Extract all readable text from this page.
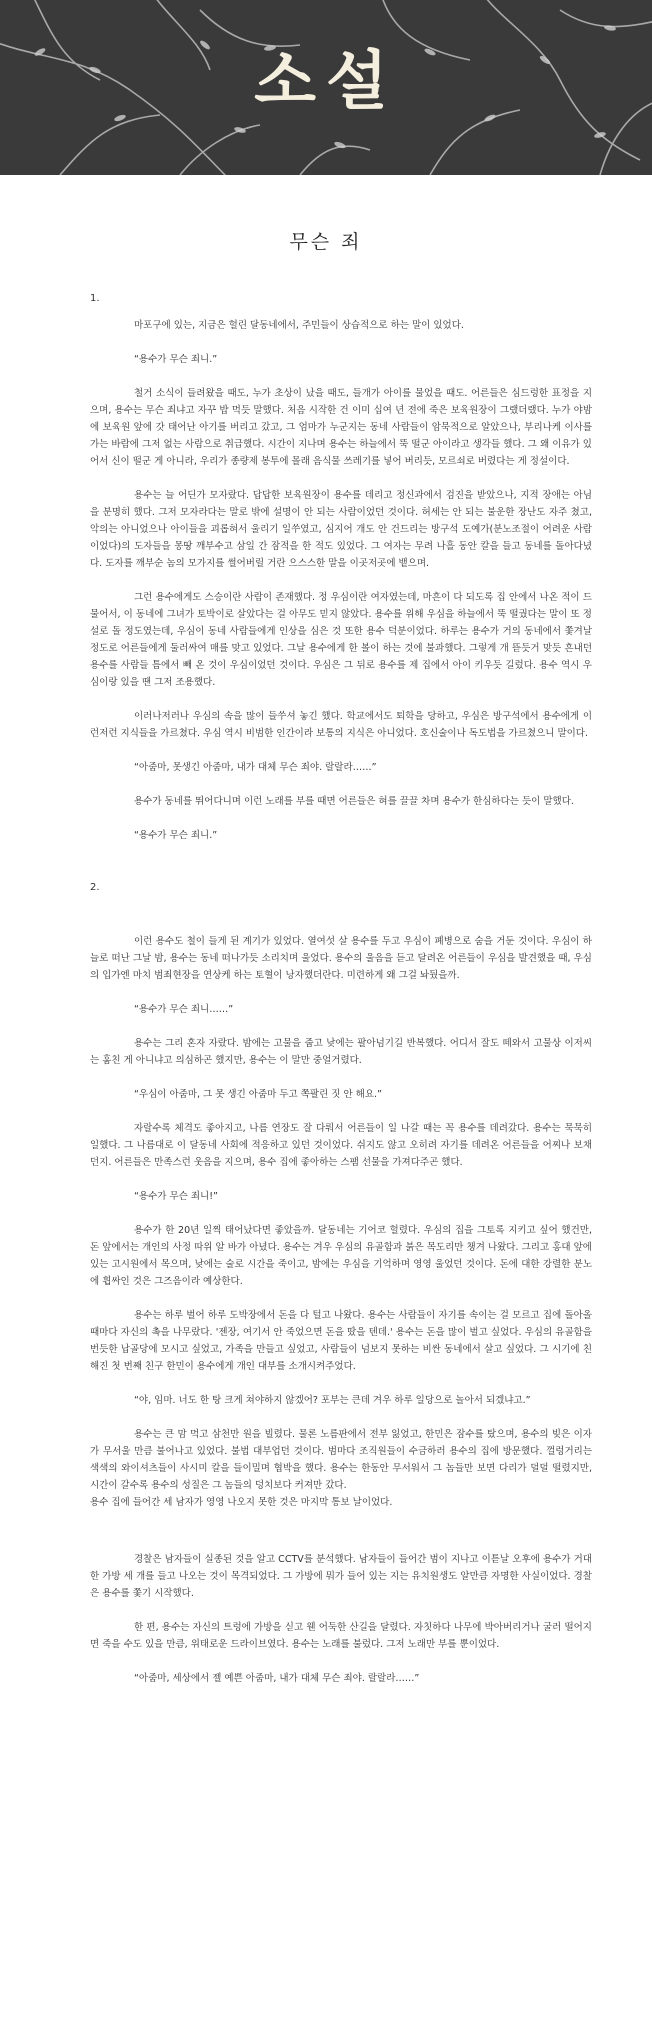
소설
무슨 죄
1.

마포구에 있는, 지금은 헐린 달동네에서, 주민들이 상습적으로 하는 말이 있었다.

“용수가 무슨 죄니.”

철거 소식이 들려왔을 때도, 누가 초상이 났을 때도, 들개가 아이를 물었을 때도. 어른들은 심드렁한 표정을 지으며, 용수는 무슨 죄냐고 자꾸 밥 먹듯 말했다. 처음 시작한 건 이미 십여 년 전에 죽은 보육원장이 그랬더랬다. 누가 야밤에 보육원 앞에 갓 태어난 아기를 버리고 갔고, 그 엄마가 누군지는 동네 사람들이 암묵적으로 알았으나, 부리나케 이사를 가는 바람에 그저 없는 사람으로 취급했다. 시간이 지나며 용수는 하늘에서 뚝 떨군 아이라고 생각들 했다. 그 왜 이유가 있어서 신이 떨군 게 아니라, 우리가 종량제 봉투에 몰래 음식물 쓰레기를 넣어 버리듯, 모르쇠로 버렸다는 게 정설이다.

용수는 늘 어딘가 모자랐다. 답답한 보육원장이 용수를 데리고 정신과에서 검진을 받았으나, 지적 장애는 아님을 분명히 했다. 그저 모자라다는 말로 밖에 설명이 안 되는 사람이었던 것이다. 허세는 안 되는 불운한 장난도 자주 쳤고, 악의는 아니었으나 아이들을 괴롭혀서 울리기 일쑤였고, 심지어 개도 안 건드리는 방구석 도예가(분노조절이 어려운 사람이었다)의 도자들을 몽땅 깨부수고 삼일 간 잠적을 한 적도 있었다. 그 여자는 무려 나흘 동안 칼을 들고 동네를 돌아다녔다. 도자를 깨부순 놈의 모가지를 썰어버릴 거란 으스스한 말을 이곳저곳에 뱉으며.

그런 용수에게도 스승이란 사람이 존재했다. 정 우심이란 여자였는데, 마흔이 다 되도록 집 안에서 나온 적이 드물어서, 이 동네에 그녀가 토박이로 살았다는 걸 아무도 믿지 않았다. 용수를 위해 우심을 하늘에서 뚝 떨궜다는 말이 또 정설로 돌 정도였는데, 우심이 동네 사람들에게 인상을 심은 것 또한 용수 덕분이었다. 하루는 용수가 거의 동네에서 쫓겨날 정도로 어른들에게 둘러싸여 매를 맞고 있었다. 그날 용수에게 한 볼이 하는 것에 불과했다. 그렇게 개 뜯듯거 맞듯 흔내던 용수를 사람들 틈에서 빼 온 것이 우심이었던 것이다. 우심은 그 뒤로 용수를 제 집에서 아이 키우듯 길렀다. 용수 역시 우심이랑 있을 땐 그저 조용했다.

이러나저러나 우심의 속을 많이 들쑤셔 놓긴 했다. 학교에서도 퇴학을 당하고, 우심은 방구석에서 용수에게 이런저런 지식들을 가르쳤다. 우심 역시 비범한 인간이라 보통의 지식은 아니었다. 호신술이나 독도법을 가르쳤으니 말이다.

“아줌마, 못생긴 아줌마, 내가 대체 무슨 죄야. 랄랄라……”

용수가 동네를 뛰어다니며 이런 노래를 부를 때면 어른들은 혀를 끌끌 차며 용수가 한심하다는 듯이 말했다.

“용수가 무슨 죄니.”

2.

이런 용수도 철이 들게 된 계기가 있었다. 열여섯 살 용수를 두고 우심이 폐병으로 숨을 거둔 것이다. 우심이 하늘로 떠난 그날 밤, 용수는 동네 떠나가듯 소리치며 울었다. 용수의 울음을 듣고 달려온 어른들이 우심을 발견했을 때, 우심의 입가엔 마치 범죄현장을 연상케 하는 토혈이 낭자했더란다. 미련하게 왜 그걸 놔뒀을까.

“용수가 무슨 죄니……”

용수는 그리 혼자 자랐다. 밤에는 고물을 줍고 낮에는 팔아넘기길 반복했다. 어디서 잘도 떼와서 고물상 이저씨는 훔친 게 아니냐고 의심하곤 했지만, 용수는 이 말만 중얼거렸다.

“우심이 아줌마, 그 못 생긴 아줌마 두고 쪽팔린 짓 안 해요.”

자랄수록 체격도 좋아지고, 나름 연장도 잘 다뤄서 어른들이 일 나갈 때는 꼭 용수를 데려갔다. 용수는 묵묵히 일했다. 그 나름대로 이 달동네 사회에 적응하고 있던 것이었다. 쉬지도 않고 오히려 자기를 데려온 어른들을 어찌나 보채던지. 어른들은 만족스런 웃음을 지으며, 용수 집에 좋아하는 스팸 선물을 가져다주곤 했다.

“용수가 무슨 죄니!”

용수가 한 20년 일찍 태어났다면 좋았을까. 달동네는 기어코 헐렸다. 우심의 집을 그토록 지키고 싶어 했건만, 돈 앞에서는 개인의 사정 따위 알 바가 아녔다. 용수는 겨우 우심의 유골함과 붉은 목도리만 챙겨 나왔다. 그리고 홍대 앞에 있는 고시원에서 목으며, 낮에는 술로 시간을 죽이고, 밤에는 우심을 기억하며 영영 울었던 것이다. 돈에 대한 강렬한 분노에 휩싸인 것은 그즈음이라 예상한다.

용수는 하루 벌어 하루 도박장에서 돈을 다 털고 나왔다. 용수는 사람들이 자기를 속이는 걸 모르고 집에 돌아올 때마다 자신의 촉을 나무랐다. '젠장, 여기서 안 죽었으면 돈을 땄을 텐데.' 용수는 돈을 많이 벌고 싶었다. 우심의 유골함을 번듯한 납골당에 모시고 싶었고, 가족을 만들고 싶었고, 사람들이 넘보지 못하는 비싼 동네에서 살고 싶었다. 그 시기에 친해진 첫 번째 친구 한민이 용수에게 개인 대부를 소개시켜주었다.

“야, 임마. 너도 한 탕 크게 쳐야하지 않겠어? 포부는 큰데 겨우 하루 일당으로 놀아서 되겠냐고.”

용수는 큰 맘 먹고 삼천만 원을 빌렸다. 물론 노름판에서 전부 잃었고, 한민은 잠수를 탔으며, 용수의 빚은 이자가 무서울 만큼 불어나고 있었다. 불법 대부업던 것이다. 범마다 조직원들이 수금하러 용수의 집에 방문했다. 껄렁거리는 색색의 와이셔츠들이 사시미 칼을 들이밀며 협박을 했다. 용수는 한동안 무서워서 그 놈들만 보면 다리가 덜덜 떨렸지만, 시간이 갈수록 용수의 성질은 그 놈들의 덩치보다 커져만 갔다.
용수 집에 들어간 세 남자가 영영 나오지 못한 것은 마지막 통보 날이었다.

경찰은 남자들이 실종된 것을 알고 CCTV를 분석했다. 남자들이 들어간 범이 지나고 이튿날 오후에 용수가 거대한 가방 세 개를 들고 나오는 것이 목격되었다. 그 가방에 뭐가 들어 있는 지는 유치원생도 알만큼 자명한 사실이었다. 경찰은 용수를 쫓기 시작했다.

한 편, 용수는 자신의 트렁에 가방을 싣고 웬 어둑한 산길을 달렸다. 자칫하다 나무에 박아버리거나 굴러 떨어지면 죽을 수도 있을 만큼, 위태로운 드라이브였다. 용수는 노래를 불렀다. 그저 노래만 부를 뿐이었다.

“아줌마, 세상에서 젤 예쁜 아줌마, 내가 대체 무슨 죄야. 랄랄라……”
